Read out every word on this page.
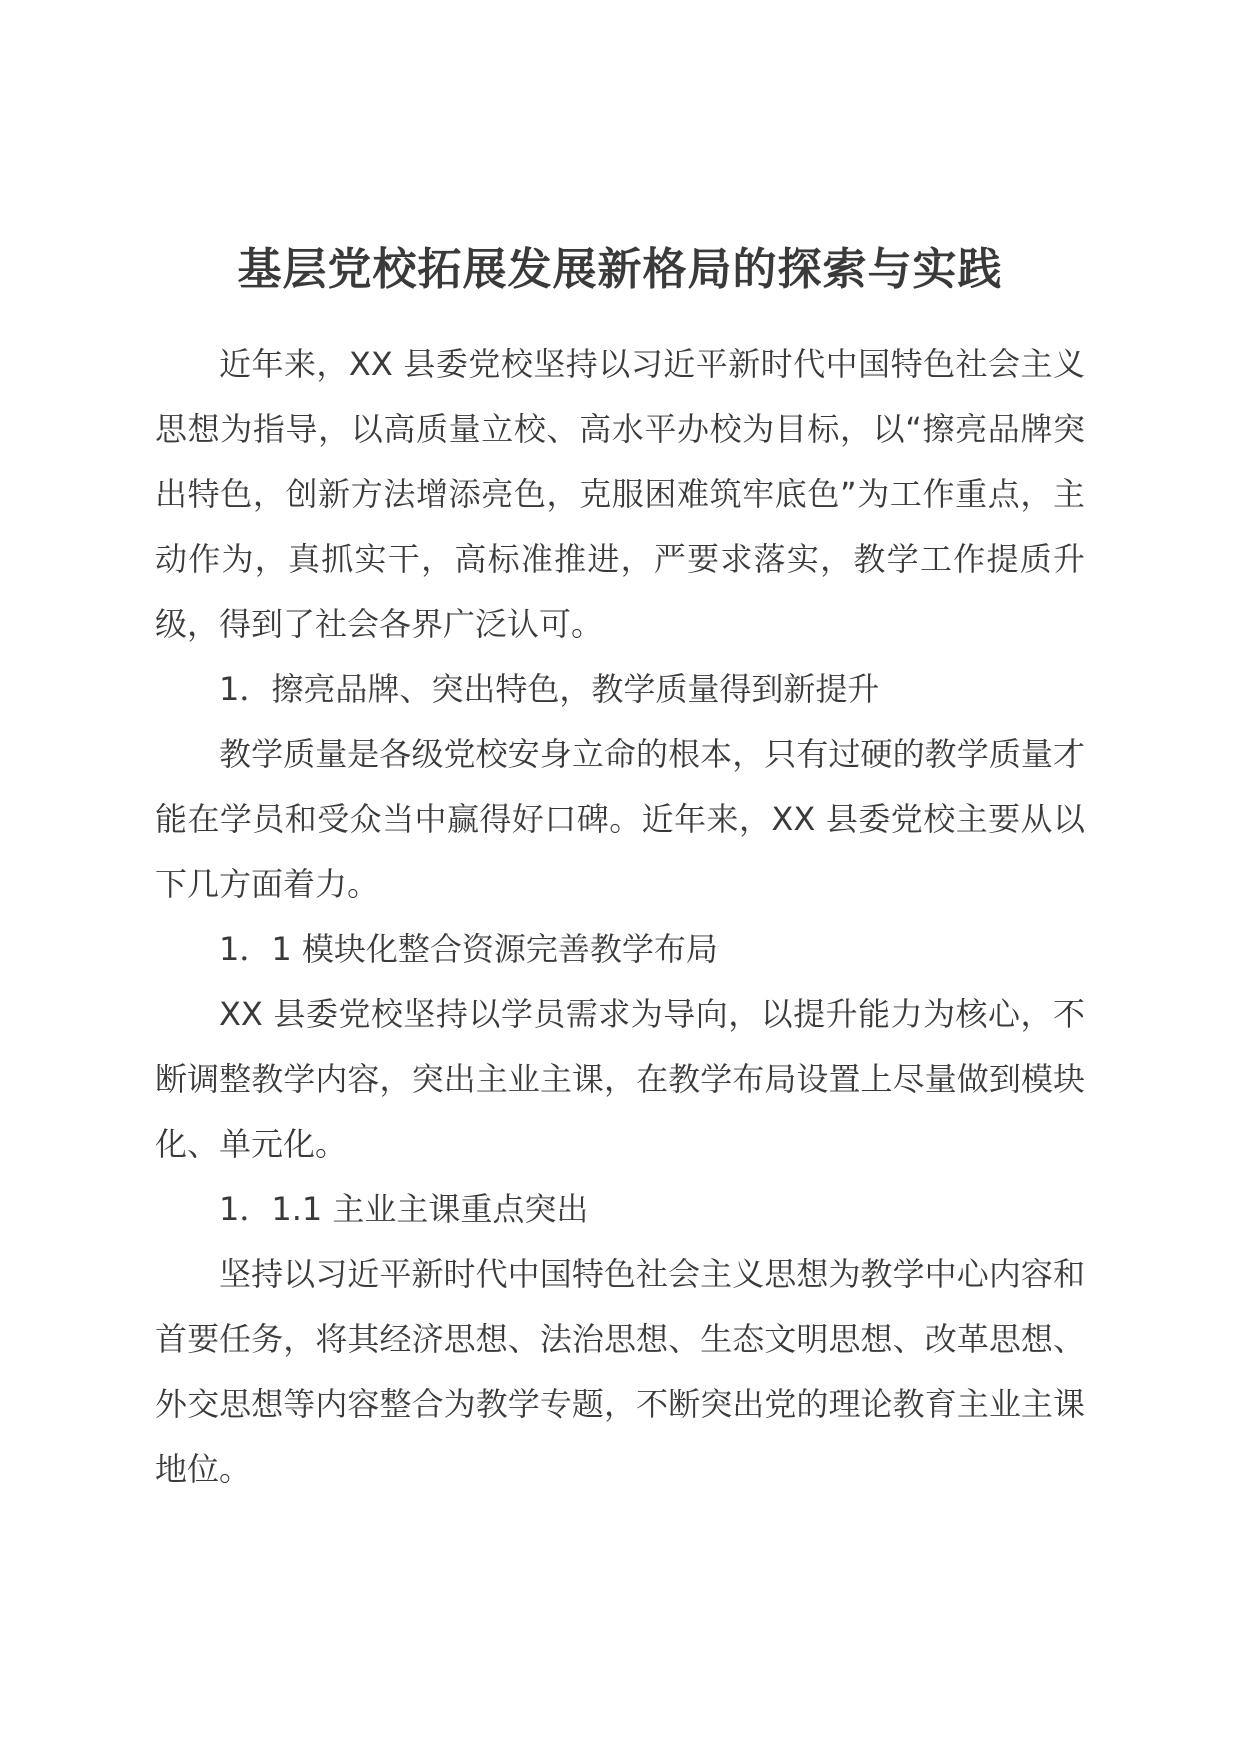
基层党校拓展发展新格局的探索与实践

近年来，XX 县委党校坚持以习近平新时代中国特色社会主义思想为指导，以高质量立校、高水平办校为目标，以“擦亮品牌突出特色，创新方法增添亮色，克服困难筑牢底色”为工作重点，主动作为，真抓实干，高标准推进，严要求落实，教学工作提质升级，得到了社会各界广泛认可。

1．擦亮品牌、突出特色，教学质量得到新提升

教学质量是各级党校安身立命的根本，只有过硬的教学质量才能在学员和受众当中赢得好口碑。近年来，XX 县委党校主要从以下几方面着力。

1．1 模块化整合资源完善教学布局

XX 县委党校坚持以学员需求为导向，以提升能力为核心，不断调整教学内容，突出主业主课，在教学布局设置上尽量做到模块化、单元化。

1．1.1 主业主课重点突出

坚持以习近平新时代中国特色社会主义思想为教学中心内容和首要任务，将其经济思想、法治思想、生态文明思想、改革思想、外交思想等内容整合为教学专题，不断突出党的理论教育主业主课地位。
